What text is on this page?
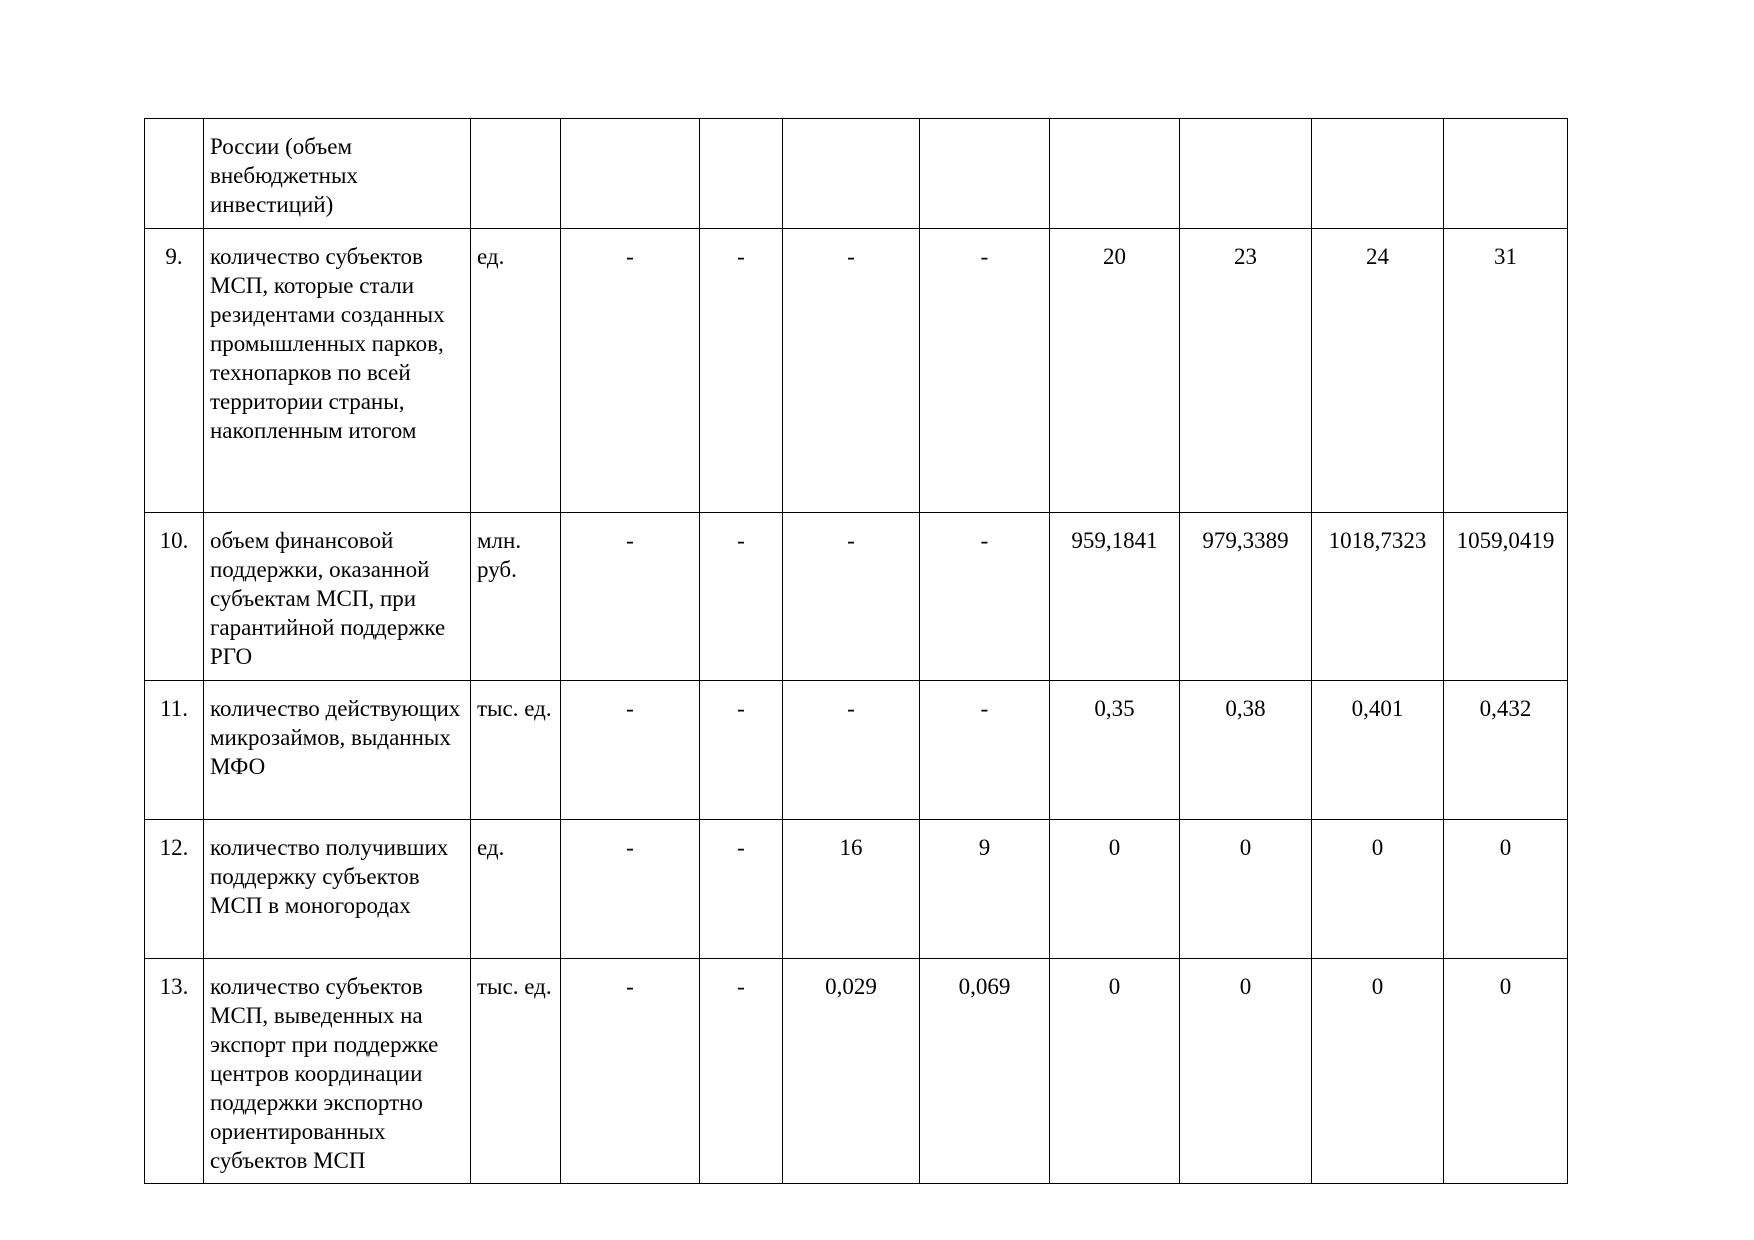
	России (объем внебюджетных инвестиций)									
9.	количество субъектов МСП, которые стали резидентами созданных промышленных парков, технопарков по всей территории страны, накопленным итогом	ед.	-	-	-	-	20	23	24	31
10.	объем финансовой поддержки, оказанной субъектам МСП, при гарантийной поддержке РГО	млн. руб.	-	-	-	-	959,1841	979,3389	1018,7323	1059,0419
11.	количество действующих микрозаймов, выданных МФО	тыс. ед.	-	-	-	-	0,35	0,38	0,401	0,432
12.	количество получивших поддержку субъектов МСП в моногородах	ед.	-	-	16	9	0	0	0	0
13.	количество субъектов МСП, выведенных на экспорт при поддержке центров координации поддержки экспортно ориентированных субъектов МСП	тыс. ед.	-	-	0,029	0,069	0	0	0	0
